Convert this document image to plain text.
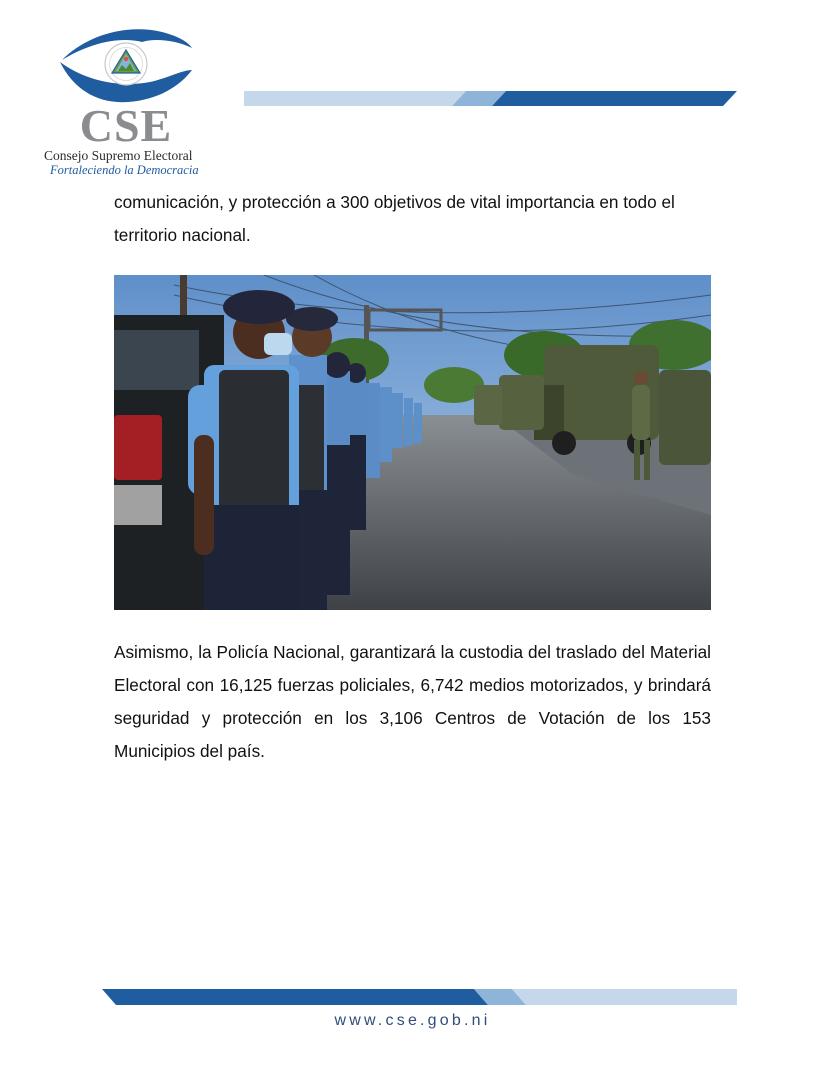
CSE
Consejo Supremo Electoral
Fortaleciendo la Democracia

comunicación, y protección a 300 objetivos de vital importancia en todo el territorio nacional.

Asimismo, la Policía Nacional, garantizará la custodia del traslado del Material Electoral con 16,125 fuerzas policiales, 6,742 medios motorizados, y brindará seguridad y protección en los 3,106 Centros de Votación de los 153 Municipios del país.

www.cse.gob.ni
